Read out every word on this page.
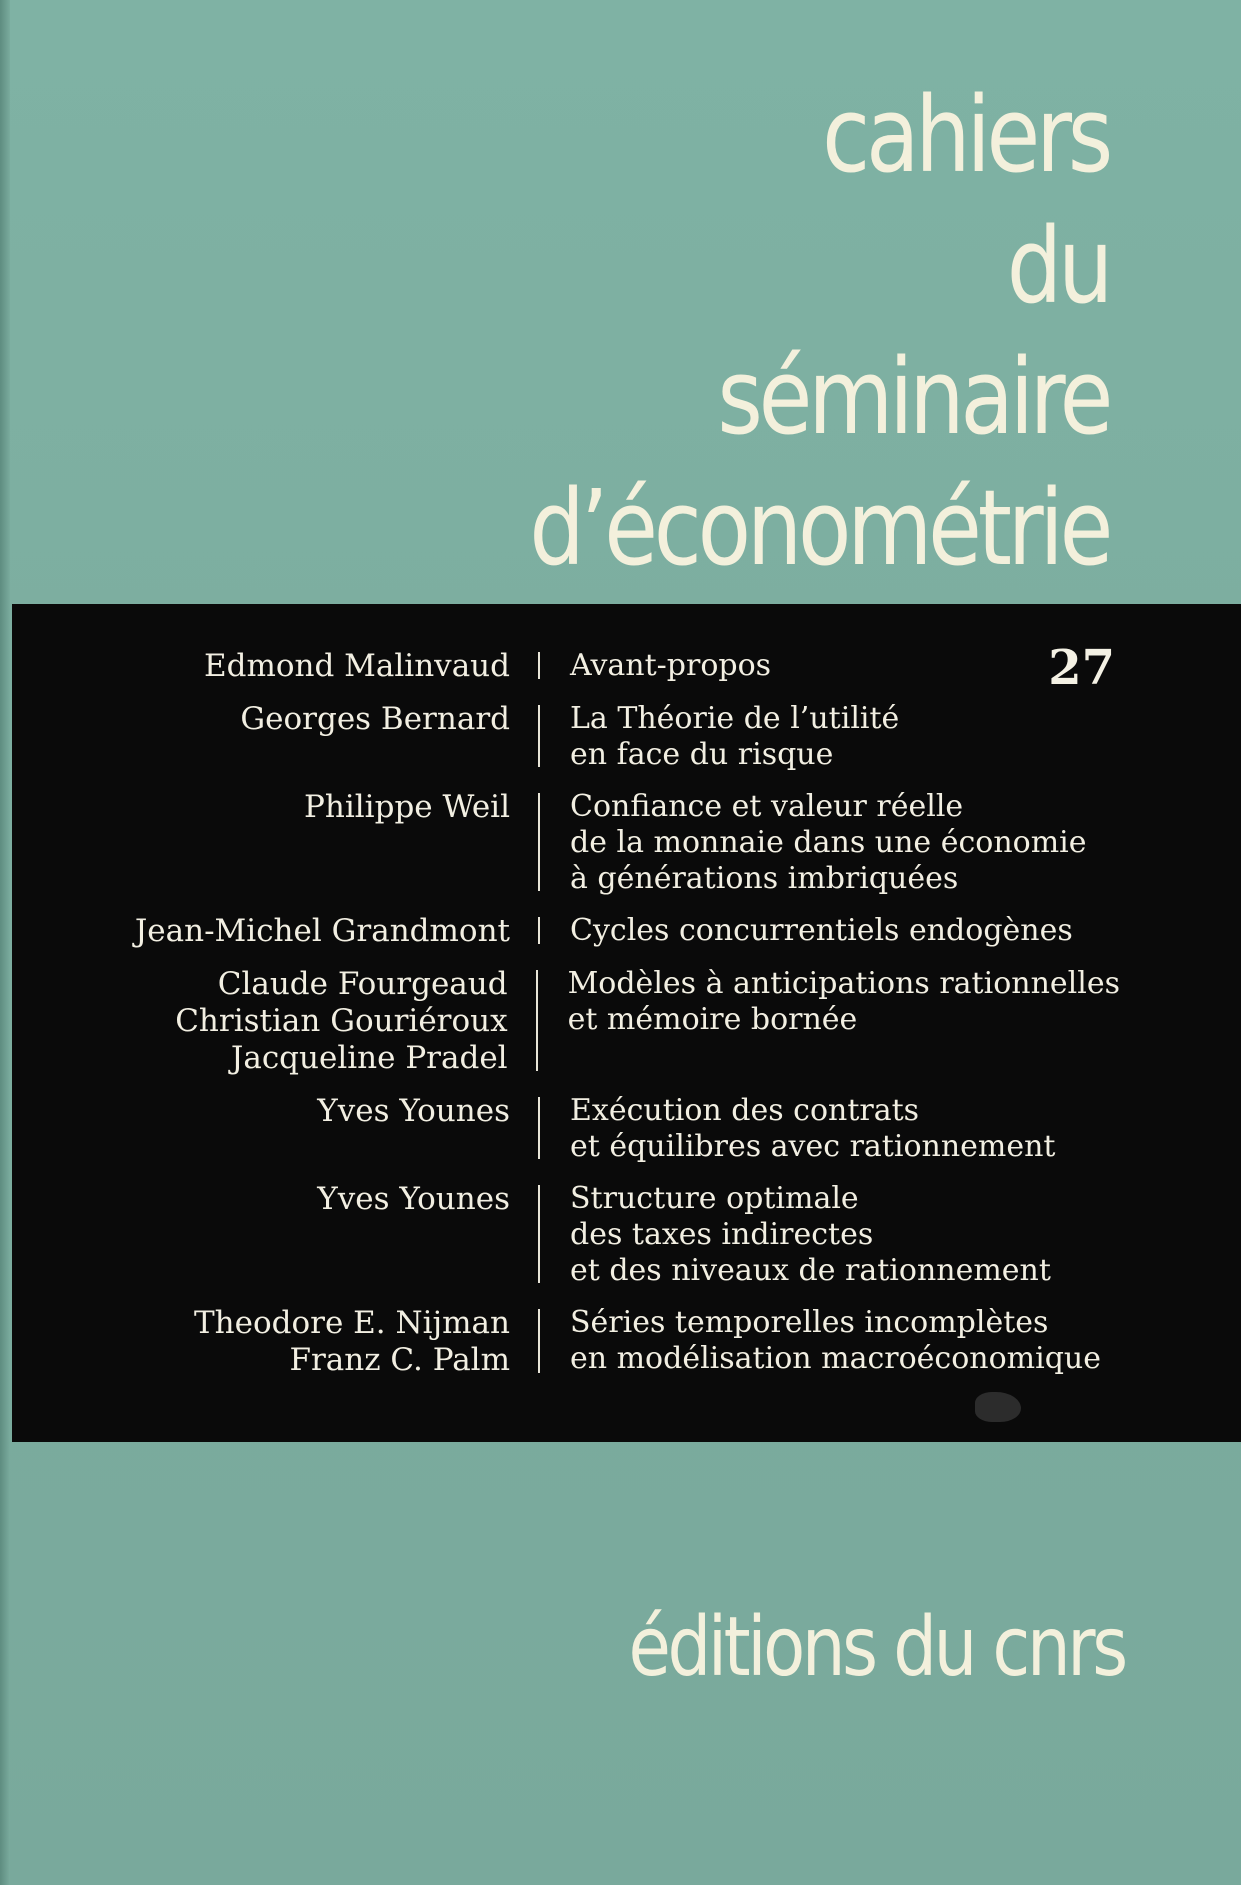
cahiers
du
séminaire
d’économétrie
27
Edmond Malinvaud Avant-propos
Georges Bernard La Théorie de l’utilité
en face du risque
Philippe Weil Confiance et valeur réelle
de la monnaie dans une économie
à générations imbriquées
Jean-Michel Grandmont Cycles concurrentiels endogènes
Claude Fourgeaud
Christian Gouriéroux
Jacqueline Pradel
Modèles à anticipations rationnelles
et mémoire bornée
Yves Younes Exécution des contrats
et équilibres avec rationnement
Yves Younes Structure optimale
des taxes indirectes
et des niveaux de rationnement
Theodore E. Nijman
Franz C. Palm
Séries temporelles incomplètes
en modélisation macroéconomique
éditions du cnrs
